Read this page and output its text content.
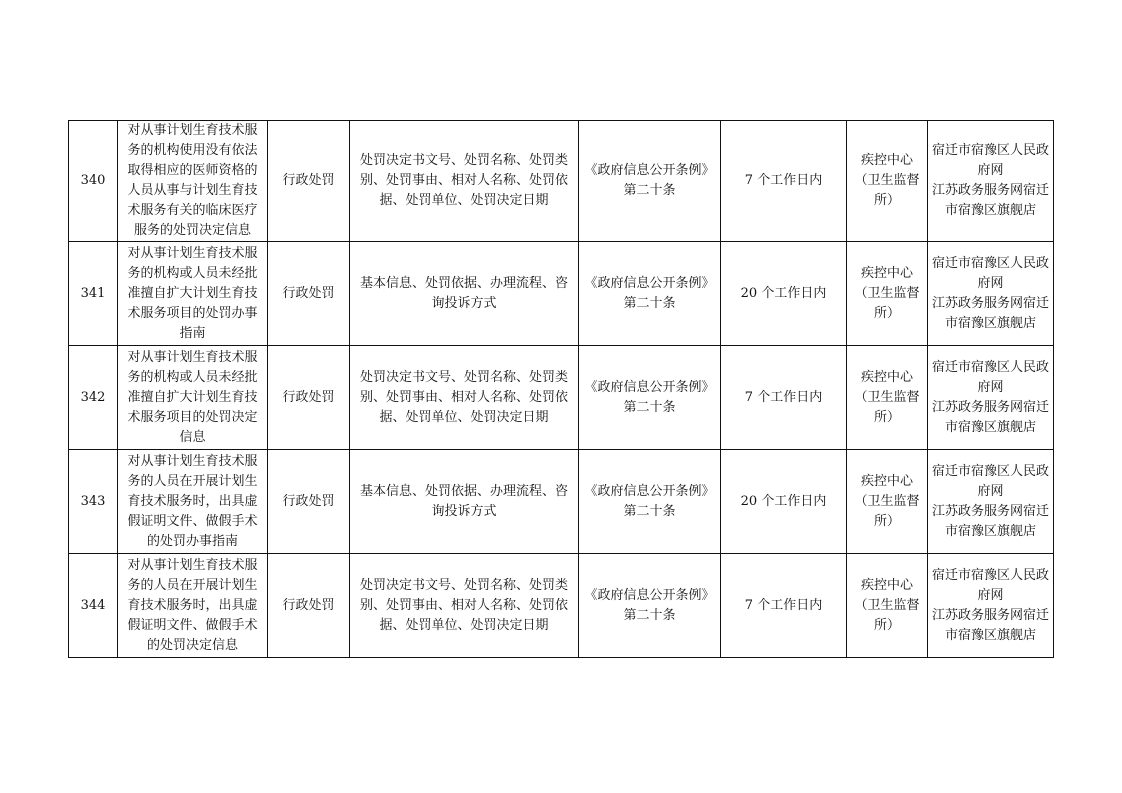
340	对从事计划生育技术服务的机构使用没有依法取得相应的医师资格的人员从事与计划生育技术服务有关的临床医疗服务的处罚决定信息	行政处罚	处罚决定书文号、处罚名称、处罚类别、处罚事由、相对人名称、处罚依据、处罚单位、处罚决定日期	《政府信息公开条例》第二十条	7 个工作日内	疾控中心（卫生监督所）	宿迁市宿豫区人民政府网
江苏政务服务网宿迁市宿豫区旗舰店

341	对从事计划生育技术服务的机构或人员未经批准擅自扩大计划生育技术服务项目的处罚办事指南	行政处罚	基本信息、处罚依据、办理流程、咨询投诉方式	《政府信息公开条例》第二十条	20 个工作日内	疾控中心（卫生监督所）	宿迁市宿豫区人民政府网
江苏政务服务网宿迁市宿豫区旗舰店

342	对从事计划生育技术服务的机构或人员未经批准擅自扩大计划生育技术服务项目的处罚决定信息	行政处罚	处罚决定书文号、处罚名称、处罚类别、处罚事由、相对人名称、处罚依据、处罚单位、处罚决定日期	《政府信息公开条例》第二十条	7 个工作日内	疾控中心（卫生监督所）	宿迁市宿豫区人民政府网
江苏政务服务网宿迁市宿豫区旗舰店

343	对从事计划生育技术服务的人员在开展计划生育技术服务时，出具虚假证明文件、做假手术的处罚办事指南	行政处罚	基本信息、处罚依据、办理流程、咨询投诉方式	《政府信息公开条例》第二十条	20 个工作日内	疾控中心（卫生监督所）	宿迁市宿豫区人民政府网
江苏政务服务网宿迁市宿豫区旗舰店

344	对从事计划生育技术服务的人员在开展计划生育技术服务时，出具虚假证明文件、做假手术的处罚决定信息	行政处罚	处罚决定书文号、处罚名称、处罚类别、处罚事由、相对人名称、处罚依据、处罚单位、处罚决定日期	《政府信息公开条例》第二十条	7 个工作日内	疾控中心（卫生监督所）	宿迁市宿豫区人民政府网
江苏政务服务网宿迁市宿豫区旗舰店
